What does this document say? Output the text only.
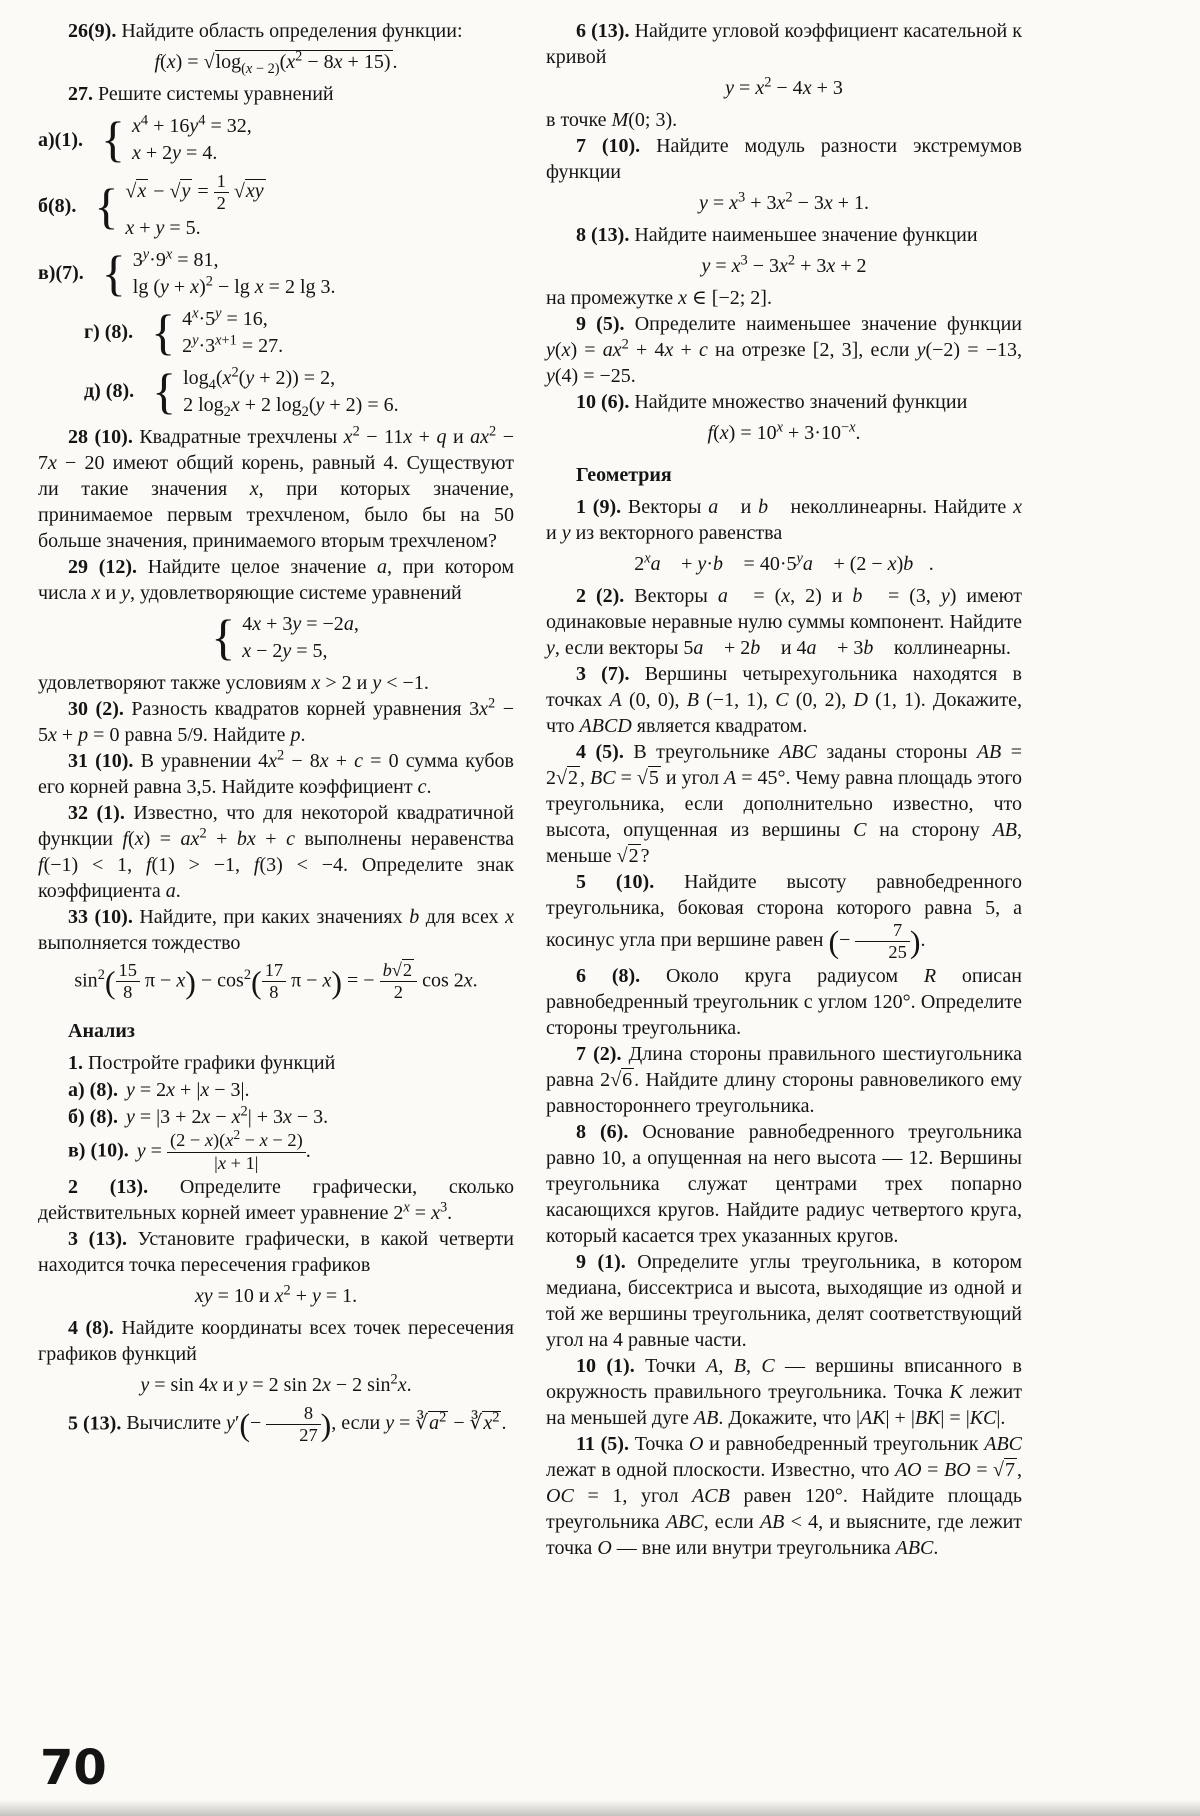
26(9). Найдите область определения функции:

$f(x) = √\log_{(x - 2)}(x^2 - 8x + 15)$ .

27. Решите системы уравнений

а)(1). { $x^4 + 16y^4 = 32$,
x + 2y = 4.
б(8). { $√x - √y = \frac{1}{2} √xy$
x + y = 5.
в)(7). { $3^y\cdot 9^x = 81$,
$\lg (y + x)^2 - \lg x = 2$ lg 3.
г) (8). { $4^x\cdot 5^y = 16$,
$2^y\cdot 3^{x+1} = 27$.
д) (8). { $\log_4(x^2(y + 2)) = 2$,
2 $\log_2x + 2$ $\log_2(y + 2) = 6$.

28 (10). Квадратные трехчлены $x^2 - 11x + q$ и $ax^2 - 7x - 20$ имеют общий корень, равный 4. Существуют ли такие значения x, при которых значение, принимаемое первым трехчленом, было бы на 50 больше значения, принимаемого вторым трехчленом?

29 (12). Найдите целое значение a, при котором числа x и y, удовлетворяющие системе уравнений

{ 4x + 3y = −2a,
x − 2y = 5,

удовлетворяют также условиям x > 2 и y < −1.

30 (2). Разность квадратов корней уравнения $3x^2 - 5x + p = 0$ равна 5/9. Найдите p.

31 (10). В уравнении $4x^2 - 8x + c = 0$ сумма кубов его корней равна 3,5. Найдите коэффициент c.

32 (1). Известно, что для некоторой квадратичной функции $f(x) = ax^2$ + bx + c выполнены неравенства f(−1) < 1, f(1) > −1, f(3) < −4. Определите знак коэффициента a.

33 (10). Найдите, при каких значениях b для всех x выполняется тождество

$\sin^2( \frac{15}{8}$ $\pi - x) - \cos^2( \frac{17}{8}$ π − x) = − $\frac{b√2}{2}$ cos 2x.

Анализ

1. Постройте графики функций

а) (8). y = 2x + |x − 3|.

б) (8). $y = |3 + 2x - x^2| + 3x - 3$.

в) (10). $y = \frac{(2 - x)(x^2 - x - 2)}{|x + 1|}$ .

2 (13). Определите графически, сколько действительных корней имеет уравнение $2^x = x^3$.

3 (13). Установите графически, в какой четверти находится точка пересечения графиков

xy = 10 и $x^2 + y = 1$.

4 (8). Найдите координаты всех точек пересечения графиков функций

y = sin 4x и y = 2 sin 2x − 2 $\sin^2x$.

5 (13). Вычислите $y'(- \frac{8}{27}$ ), если $y = ∛a^2$ − $∛x^2$ .

6 (13). Найдите угловой коэффициент касательной к кривой

$y = x^2 - 4x + 3$

в точке M(0; 3).

7 (10). Найдите модуль разности экстремумов функции

$y = x^3 + 3x^2 - 3x + 1$.

8 (13). Найдите наименьшее значение функции

$y = x^3 - 3x^2 + 3x + 2$

на промежутке x ∈ [−2; 2].

9 (5). Определите наименьшее значение функции $y(x) = ax^2 + 4x + c$ на отрезке [2, 3], если y(−2) = −13, y(4) = −25.

10 (6). Найдите множество значений функции

$f(x) = 10^x + 3\cdot 10^{-x}$.

Геометрия

1 (9). Векторы a⃗ и b⃗ неколлинеарны. Найдите x и y из векторного равенства

$2^xa⃗$ + y·b⃗ = $40\cdot 5^ya⃗ + (2$ − x)b⃗.

2 (2). Векторы a⃗ = (x, 2) и b⃗ = (3, y) имеют одинаковые неравные нулю суммы компонент. Найдите y, если векторы 5a⃗ + 2b⃗ и 4a⃗ + 3b⃗ коллинеарны.

3 (7). Вершины четырехугольника находятся в точках A (0, 0), B (−1, 1), C (0, 2), D (1, 1). Докажите, что ABCD является квадратом.

4 (5). В треугольнике ABC заданы стороны AB = 2√2 , BC = √5 и угол A = 45°. Чему равна площадь этого треугольника, если дополнительно известно, что высота, опущенная из вершины C на сторону AB, меньше √2 ?

5 (10). Найдите высоту равнобедренного треугольника, боковая сторона которого равна 5, а косинус угла при вершине равен (− $\frac{7}{25}$ ).

6 (8). Около круга радиусом R описан равнобедренный треугольник с углом 120°. Определите стороны треугольника.

7 (2). Длина стороны правильного шестиугольника равна 2√6 . Найдите длину стороны равновеликого ему равностороннего треугольника.

8 (6). Основание равнобедренного треугольника равно 10, а опущенная на него высота — 12. Вершины треугольника служат центрами трех попарно касающихся кругов. Найдите радиус четвертого круга, который касается трех указанных кругов.

9 (1). Определите углы треугольника, в котором медиана, биссектриса и высота, выходящие из одной и той же вершины треугольника, делят соответствующий угол на 4 равные части.

10 (1). Точки A, B, C — вершины вписанного в окружность правильного треугольника. Точка K лежит на меньшей дуге AB. Докажите, что |AK| + |BK| = |KC|.

11 (5). Точка O и равнобедренный треугольник ABC лежат в одной плоскости. Известно, что AO = BO = √7 , OC = 1, угол ACB равен 120°. Найдите площадь треугольника ABC, если AB < 4, и выясните, где лежит точка O — вне или внутри треугольника ABC.

70
